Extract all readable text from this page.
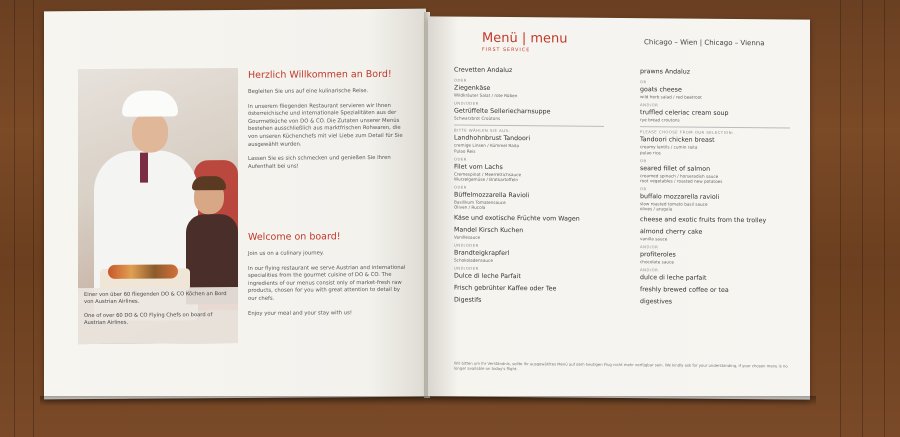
Einer von über 60 fliegenden DO & CO Köchen an Bord von Austrian Airlines.

One of over 60 DO & CO Flying Chefs on board of Austrian Airlines.

Herzlich Willkommen an Bord!

Begleiten Sie uns auf eine kulinarische Reise.

In unserem fliegenden Restaurant servieren wir Ihnen österreichische und internationale Spezialitäten aus der Gourmetküche von DO & CO. Die Zutaten unserer Menüs bestehen ausschließlich aus marktfrischen Rohwaren, die von unseren Küchenchefs mit viel Liebe zum Detail für Sie ausgewählt wurden.

Lassen Sie es sich schmecken und genießen Sie Ihren Aufenthalt bei uns!

Welcome on board!

Join us on a culinary journey.

In our flying restaurant we serve Austrian and international specialities from the gourmet cuisine of DO & CO. The ingredients of our menus consist only of market-fresh raw products, chosen for you with great attention to detail by our chefs.

Enjoy your meal and your stay with us!

Menü | menu
FIRST SERVICE
Chicago – Wien | Chicago – Vienna
Crevetten Andaluz
ODER
Ziegenkäse
Wildkräuter Salat / rote Rüben
UND/ODER
Getrüffelte Selleriecharnsuppe
Schwarzbrot Croûtons
BITTE WÄHLEN SIE AUS:
Landhohnbrust Tandoori
cremige Linsen / Kümmel Raita
Pulao Reis
ODER
Filet vom Lachs
Cremespinat / Meerrettichsauce
Wurzelgemüse / Bratkartoffeln
ODER
Büffelmozzarella Ravioli
Basilikum Tomatensauce
Oliven / Rucola
Käse und exotische Früchte vom Wagen
Mandel Kirsch Kuchen
Vanillesauce
UND/ODER
Brandteigkrapferl
Schokoladensauce
UND/ODER
Dulce di leche Parfait
Frisch gebrühter Kaffee oder Tee
Digestifs
prawns Andaluz
OR
goats cheese
wild herb salad / red beetroot
AND/OR
truffled celeriac cream soup
rye bread croutons
PLEASE CHOOSE FROM OUR SELECTION:
Tandoori chicken breast
creamy lentils / cumin raita
pulao rice
OR
seared fillet of salmon
creamed spinach / horseradish sauce
root vegetables / roasted new potatoes
OR
buffalo mozzarella ravioli
slow roasted tomato basil sauce
olives / arugula
cheese and exotic fruits from the trolley
almond cherry cake
vanilla sauce
AND/OR
profiteroles
chocolate sauce
AND/OR
dulce di leche parfait
freshly brewed coffee or tea
digestives
Wir bitten um Ihr Verständnis, sollte Ihr ausgewähltes Menü auf dem heutigen Flug nicht mehr verfügbar sein. We kindly ask for your understanding, if your chosen menu is no longer available on today's flight.
